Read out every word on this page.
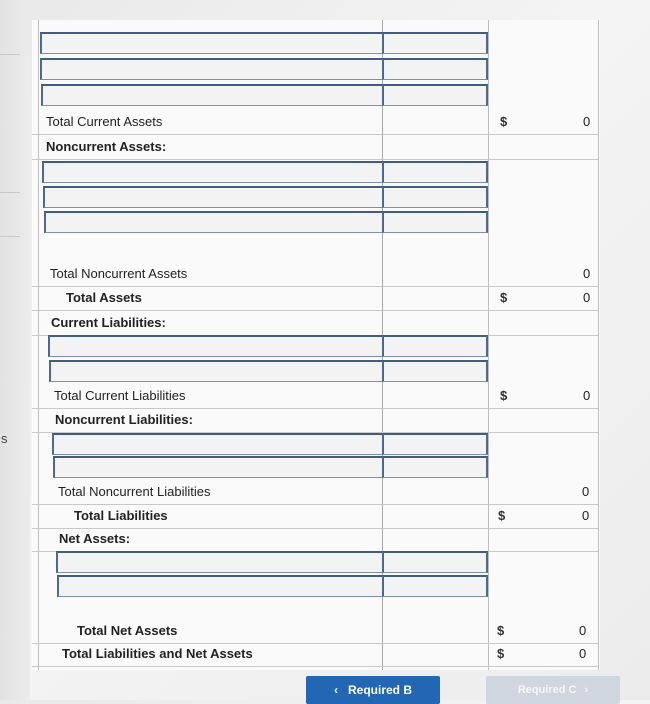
s
Total Current Assets	$	0
Noncurrent Assets:
Total Noncurrent Assets	0
Total Assets	$	0
Current Liabilities:
Total Current Liabilities	$	0
Noncurrent Liabilities:
Total Noncurrent Liabilities	0
Total Liabilities	$	0
Net Assets:
Total Net Assets	$	0
Total Liabilities and Net Assets	$	0
‹ Required B	Required C ›
